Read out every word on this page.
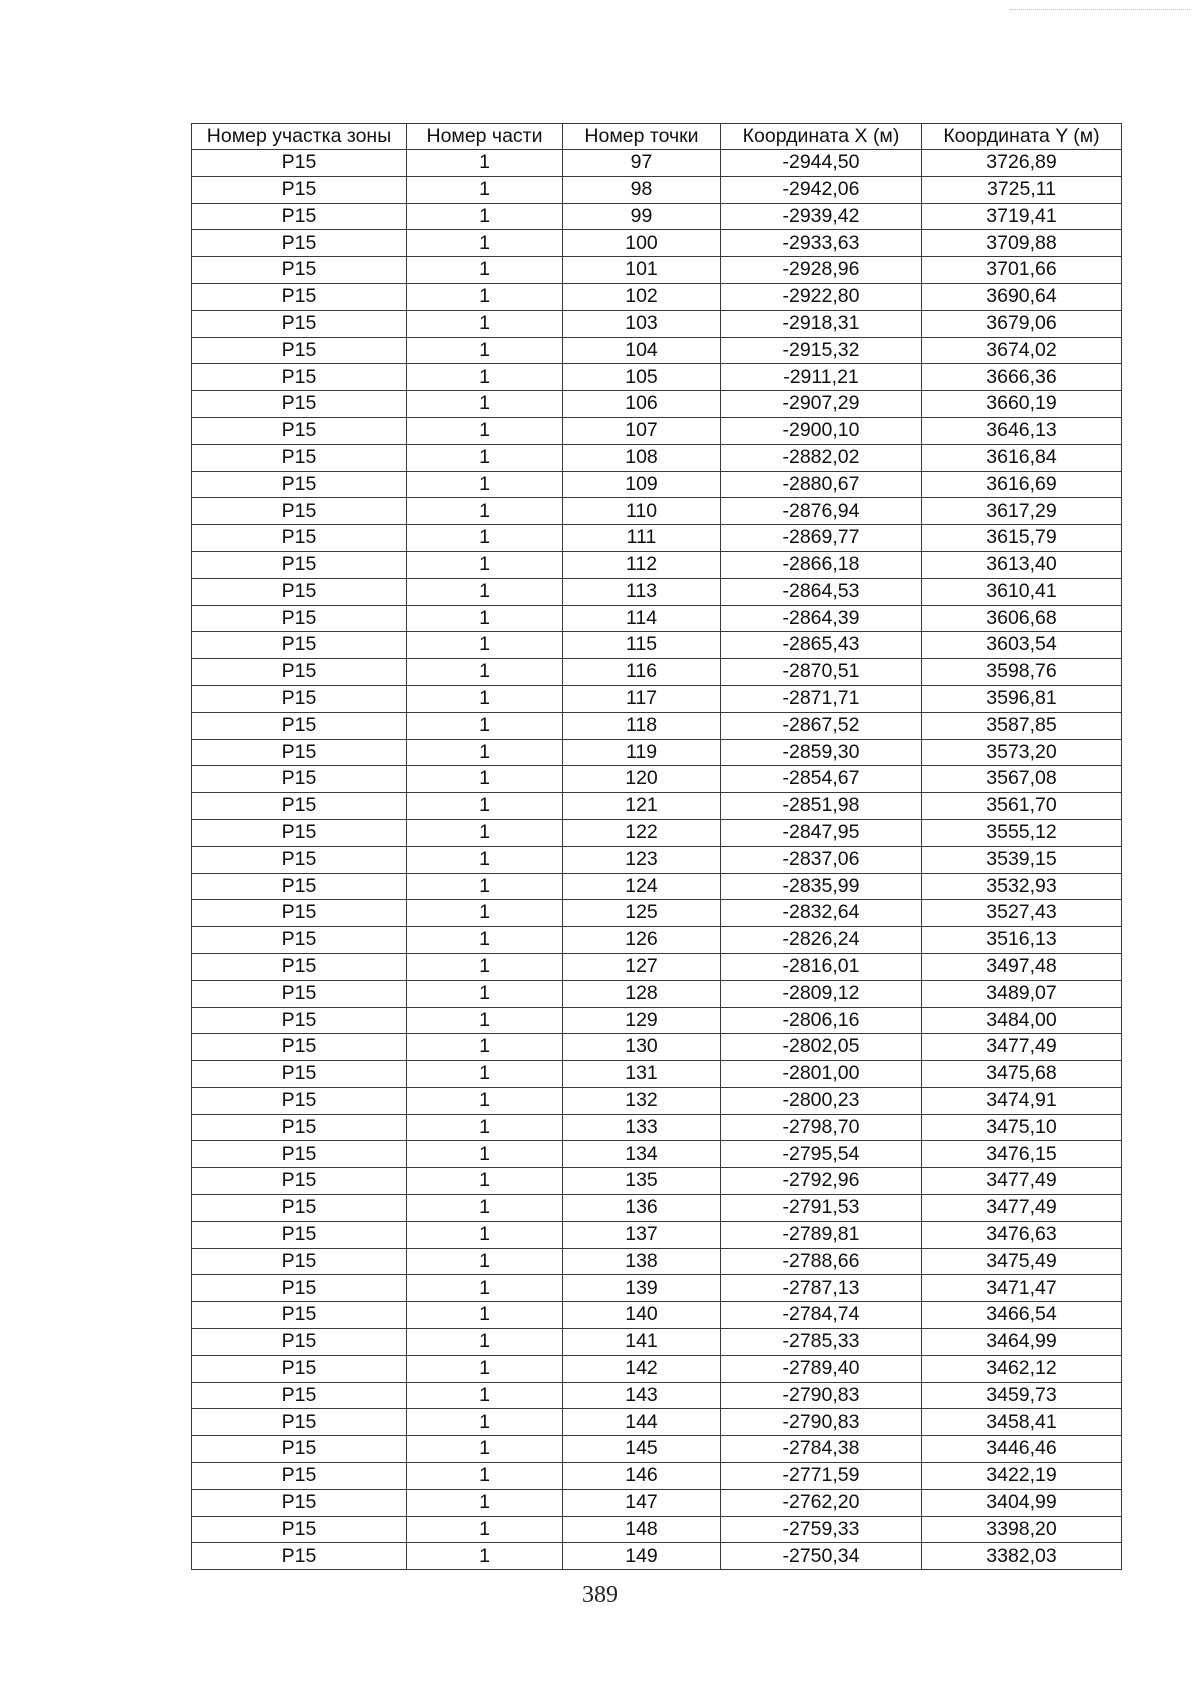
Номер участка зоны	Номер части	Номер точки	Координата X (м)	Координата Y (м)
P15	1	97	-2944,50	3726,89
P15	1	98	-2942,06	3725,11
P15	1	99	-2939,42	3719,41
P15	1	100	-2933,63	3709,88
P15	1	101	-2928,96	3701,66
P15	1	102	-2922,80	3690,64
P15	1	103	-2918,31	3679,06
P15	1	104	-2915,32	3674,02
P15	1	105	-2911,21	3666,36
P15	1	106	-2907,29	3660,19
P15	1	107	-2900,10	3646,13
P15	1	108	-2882,02	3616,84
P15	1	109	-2880,67	3616,69
P15	1	110	-2876,94	3617,29
P15	1	111	-2869,77	3615,79
P15	1	112	-2866,18	3613,40
P15	1	113	-2864,53	3610,41
P15	1	114	-2864,39	3606,68
P15	1	115	-2865,43	3603,54
P15	1	116	-2870,51	3598,76
P15	1	117	-2871,71	3596,81
P15	1	118	-2867,52	3587,85
P15	1	119	-2859,30	3573,20
P15	1	120	-2854,67	3567,08
P15	1	121	-2851,98	3561,70
P15	1	122	-2847,95	3555,12
P15	1	123	-2837,06	3539,15
P15	1	124	-2835,99	3532,93
P15	1	125	-2832,64	3527,43
P15	1	126	-2826,24	3516,13
P15	1	127	-2816,01	3497,48
P15	1	128	-2809,12	3489,07
P15	1	129	-2806,16	3484,00
P15	1	130	-2802,05	3477,49
P15	1	131	-2801,00	3475,68
P15	1	132	-2800,23	3474,91
P15	1	133	-2798,70	3475,10
P15	1	134	-2795,54	3476,15
P15	1	135	-2792,96	3477,49
P15	1	136	-2791,53	3477,49
P15	1	137	-2789,81	3476,63
P15	1	138	-2788,66	3475,49
P15	1	139	-2787,13	3471,47
P15	1	140	-2784,74	3466,54
P15	1	141	-2785,33	3464,99
P15	1	142	-2789,40	3462,12
P15	1	143	-2790,83	3459,73
P15	1	144	-2790,83	3458,41
P15	1	145	-2784,38	3446,46
P15	1	146	-2771,59	3422,19
P15	1	147	-2762,20	3404,99
P15	1	148	-2759,33	3398,20
P15	1	149	-2750,34	3382,03
389
